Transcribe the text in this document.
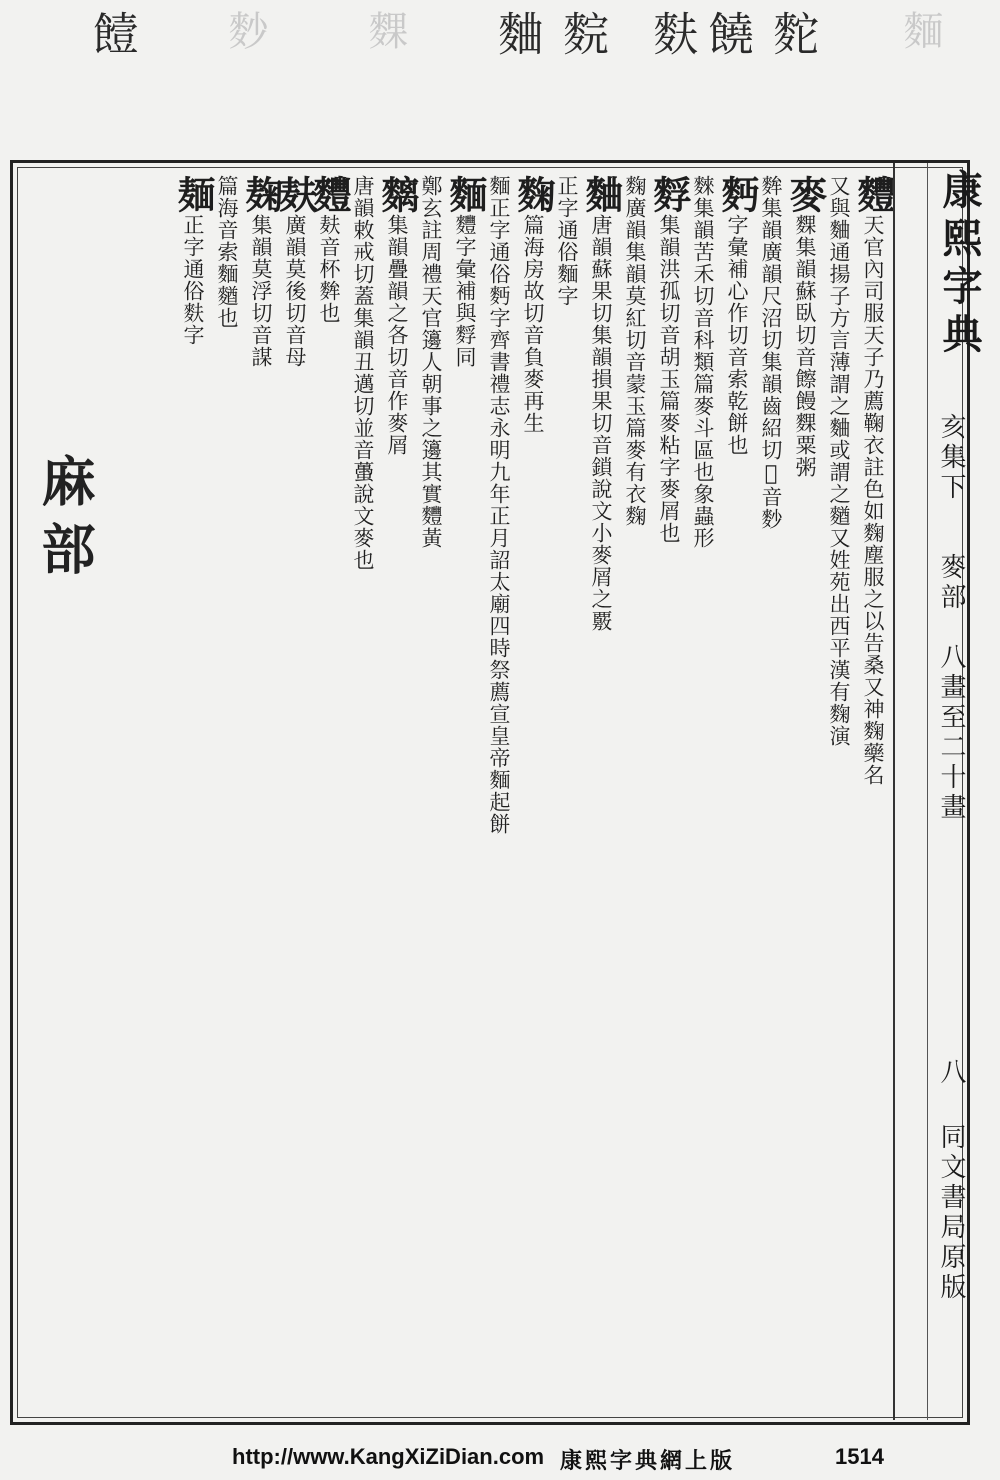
饐 麨 䴹 麯 䴷 麩 饒 䴱 麵
麻部

麷天官內司服天子乃薦鞠衣註色如麴塵服之以告桑又神麴藥名

又與麯通揚子方言薄謂之麯或謂之𪍑又姓苑出西平漢有麴演

麥䴹集韻蘇臥切音𩟔饅䴹粟粥

麰集韻廣韻尺沼切集韻齒紹切𫆑音麨

麪字彙補心作切音索乾餅也

麳集韻苦禾切音科類篇麥斗區也象蟲形

䴸集韻洪孤切音胡玉篇麥粘字麥屑也

麴廣韻集韻莫紅切音蒙玉篇麥有衣麴

麯唐韻蘇果切集韻損果切音鎖說文小麥屑之覈

正字通俗麵字

麴篇海房故切音負麥再生

麵正字通俗麪字齊書禮志永明九年正月詔太廟四時祭薦宣皇帝麵起餅

麵麷字彙補與䴸同

鄭玄註周禮天官籩人朝事之籩其實麷黃

麶集韻疊韻之各切音作麥屑

唐韻敕戒切蓋集韻丑邁切並音蠆說文麥也

麷麸音杯麰也

麸廣韻莫後切音母

麹集韻莫浮切音謀

篇海音索麵𪍑也

麺正字通俗麩字	康熙字典
亥集下
麥部
八畫至二十畫
八
同文書局原版
http://www.KangXiZiDian.com 康熙字典網上版	1514
